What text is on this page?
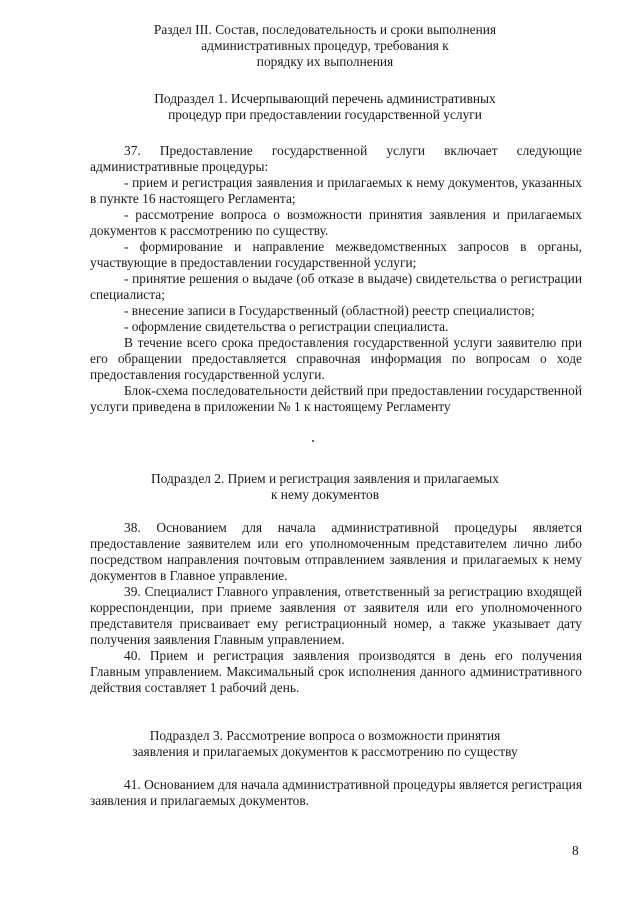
Раздел III. Состав, последовательность и сроки выполнения
административных процедур, требования к
порядку их выполнения
Подраздел 1. Исчерпывающий перечень административных
процедур при предоставлении государственной услуги

37. Предоставление государственной услуги включает следующие административные процедуры:

- прием и регистрация заявления и прилагаемых к нему документов, указанных в пункте 16 настоящего Регламента;

- рассмотрение вопроса о возможности принятия заявления и прилагаемых документов к рассмотрению по существу.

- формирование и направление межведомственных запросов в органы, участвующие в предоставлении государственной услуги;

- принятие решения о выдаче (об отказе в выдаче) свидетельства о регистрации специалиста;

- внесение записи в Государственный (областной) реестр специалистов;

- оформление свидетельства о регистрации специалиста.

В течение всего срока предоставления государственной услуги заявителю при его обращении предоставляется справочная информация по вопросам о ходе предоставления государственной услуги.

Блок-схема последовательности действий при предоставлении государственной услуги приведена в приложении № 1 к настоящему Регламенту

Подраздел 2. Прием и регистрация заявления и прилагаемых
к нему документов

38. Основанием для начала административной процедуры является предоставление заявителем или его уполномоченным представителем лично либо посредством направления почтовым отправлением заявления и прилагаемых к нему документов в Главное управление.

39. Специалист Главного управления, ответственный за регистрацию входящей корреспонденции, при приеме заявления от заявителя или его уполномоченного представителя присваивает ему регистрационный номер, а также указывает дату получения заявления Главным управлением.

40. Прием и регистрация заявления производятся в день его получения Главным управлением. Максимальный срок исполнения данного административного действия составляет 1 рабочий день.

Подраздел 3. Рассмотрение вопроса о возможности принятия
заявления и прилагаемых документов к рассмотрению по существу

41. Основанием для начала административной процедуры является регистрация заявления и прилагаемых документов.

8
